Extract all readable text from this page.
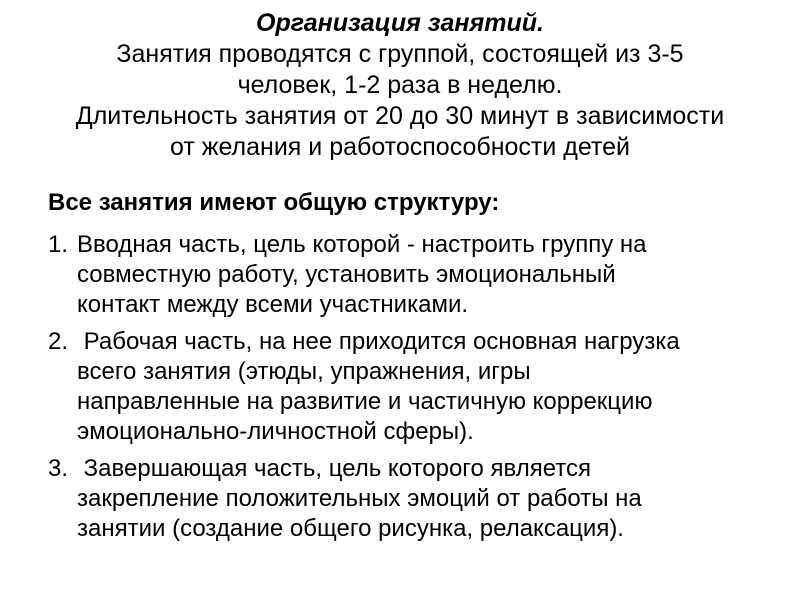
Организация занятий.
Занятия проводятся с группой, состоящей из 3-5
человек, 1-2 раза в неделю.
Длительность занятия от 20 до 30 минут в зависимости
от желания и работоспособности детей
Все занятия имеют общую структуру:
1. Вводная часть, цель которой - настроить группу на
совместную работу, установить эмоциональный
контакт между всеми участниками.
2. Рабочая часть, на нее приходится основная нагрузка
всего занятия (этюды, упражнения, игры
направленные на развитие и частичную коррекцию
эмоционально-личностной сферы).
3. Завершающая часть, цель которого является
закрепление положительных эмоций от работы на
занятии (создание общего рисунка, релаксация).
